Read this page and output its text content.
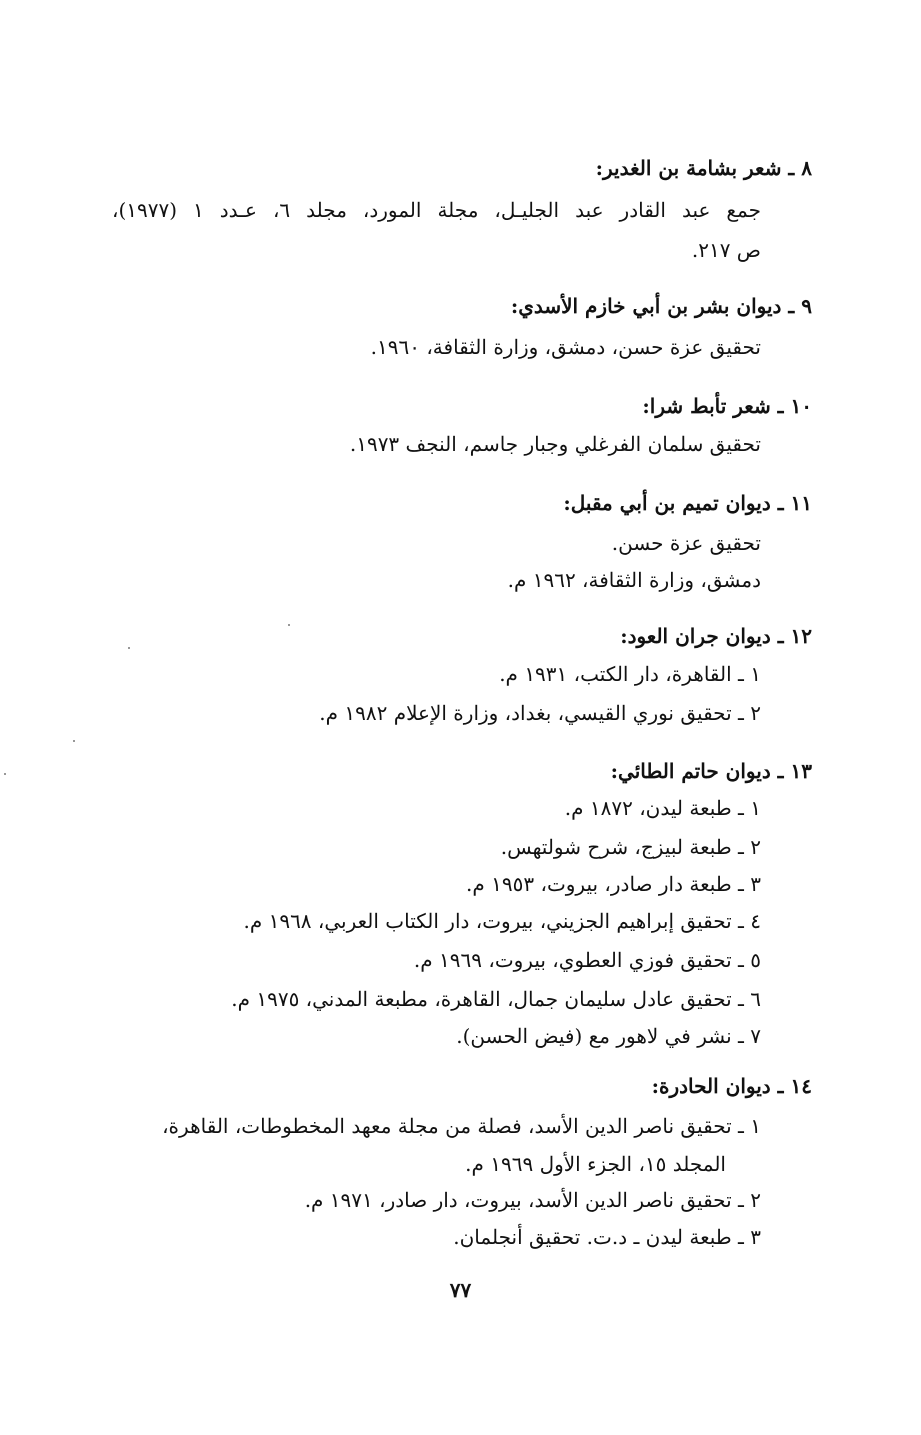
٨ ـ شعر بشامة بن الغدير:
جمع عبد القادر عبد الجليـل، مجلة المورد، مجلد ٦، عـدد ١ (١٩٧٧)،
ص ٢١٧.
٩ ـ ديوان بشر بن أبي خازم الأسدي:
تحقيق عزة حسن، دمشق، وزارة الثقافة، ١٩٦٠.
١٠ ـ شعر تأبط شرا:
تحقيق سلمان الفرغلي وجبار جاسم، النجف ١٩٧٣.
١١ ـ ديوان تميم بن أبي مقبل:
تحقيق عزة حسن.
دمشق، وزارة الثقافة، ١٩٦٢ م.
١٢ ـ ديوان جران العود:
١ ـ القاهرة، دار الكتب، ١٩٣١ م.
٢ ـ تحقيق نوري القيسي، بغداد، وزارة الإعلام ١٩٨٢ م.
١٣ ـ ديوان حاتم الطائي:
١ ـ طبعة ليدن، ١٨٧٢ م.
٢ ـ طبعة لبيزج، شرح شولتهس.
٣ ـ طبعة دار صادر، بيروت، ١٩٥٣ م.
٤ ـ تحقيق إبراهيم الجزيني، بيروت، دار الكتاب العربي، ١٩٦٨ م.
٥ ـ تحقيق فوزي العطوي، بيروت، ١٩٦٩ م.
٦ ـ تحقيق عادل سليمان جمال، القاهرة، مطبعة المدني، ١٩٧٥ م.
٧ ـ نشر في لاهور مع (فيض الحسن).
١٤ ـ ديوان الحادرة:
١ ـ تحقيق ناصر الدين الأسد، فصلة من مجلة معهد المخطوطات، القاهرة،
المجلد ١٥، الجزء الأول ١٩٦٩ م.
٢ ـ تحقيق ناصر الدين الأسد، بيروت، دار صادر، ١٩٧١ م.
٣ ـ طبعة ليدن ـ د.ت. تحقيق أنجلمان.
٧٧
